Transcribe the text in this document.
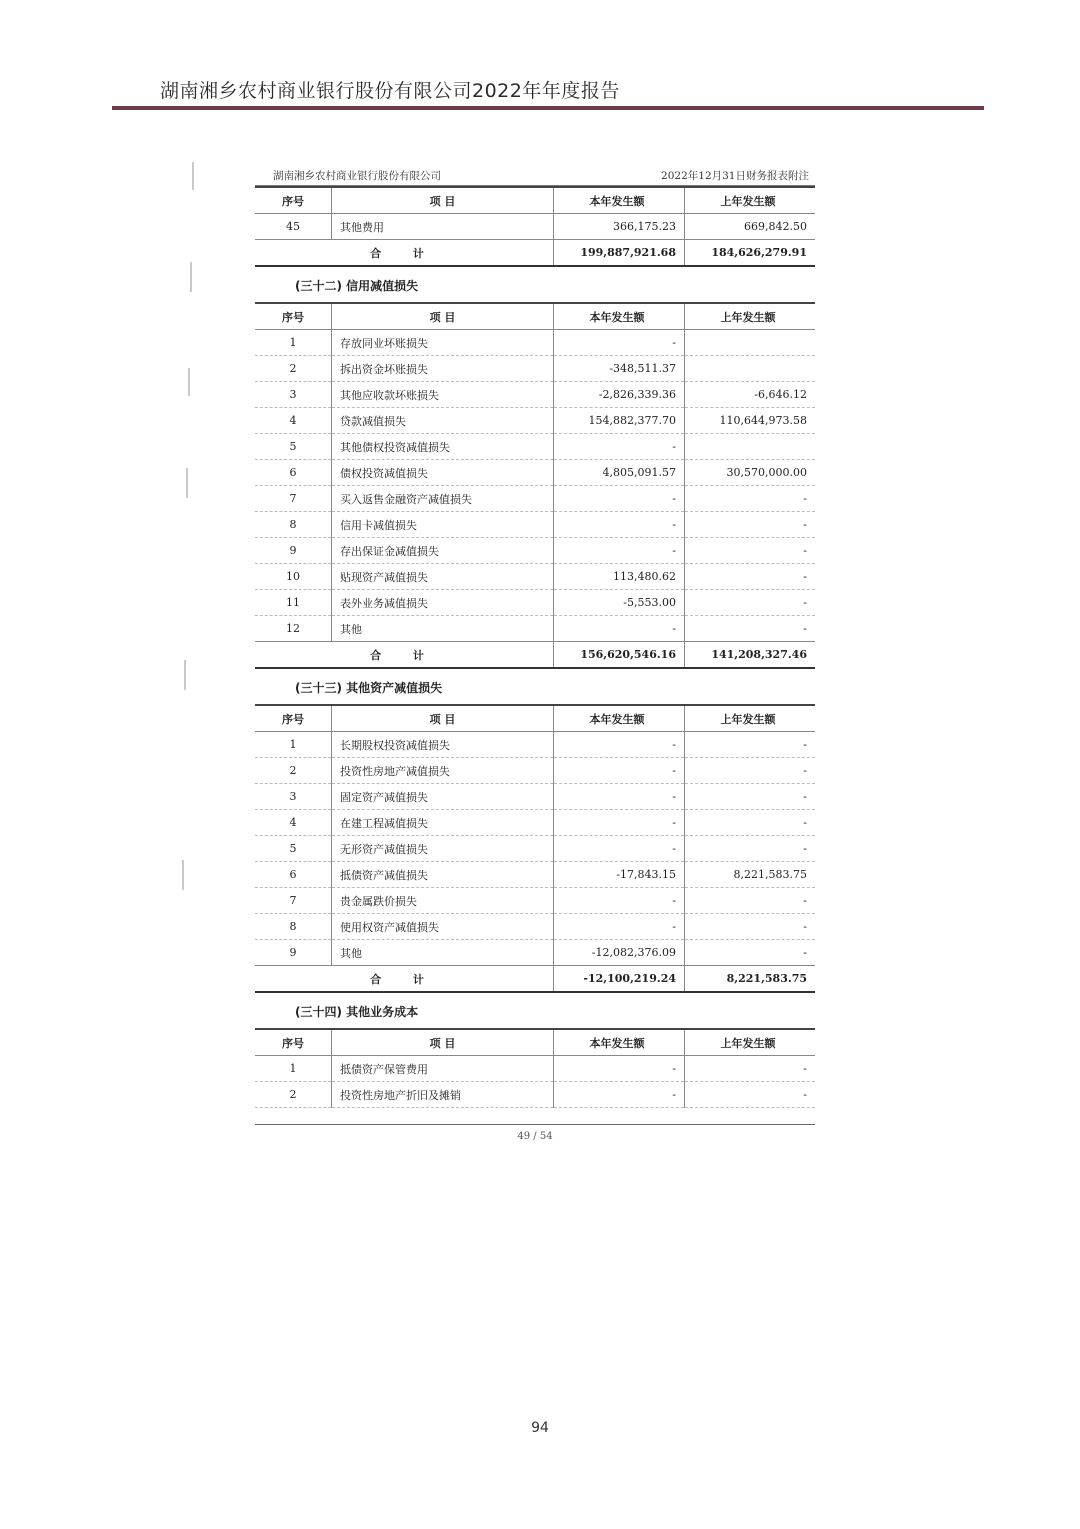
湖南湘乡农村商业银行股份有限公司2022年年度报告
湖南湘乡农村商业银行股份有限公司	2022年12月31日财务报表附注
序号	项 目	本年发生额	上年发生额
45	其他费用	366,175.23	669,842.50
合 计		199,887,921.68	184,626,279.91
(三十二) 信用减值损失
序号	项 目	本年发生额	上年发生额
1	存放同业坏账损失	-	
2	拆出资金坏账损失	-348,511.37	
3	其他应收款坏账损失	-2,826,339.36	-6,646.12
4	贷款减值损失	154,882,377.70	110,644,973.58
5	其他债权投资减值损失	-	
6	债权投资减值损失	4,805,091.57	30,570,000.00
7	买入返售金融资产减值损失	-	-
8	信用卡减值损失	-	-
9	存出保证金减值损失	-	-
10	贴现资产减值损失	113,480.62	-
11	表外业务减值损失	-5,553.00	-
12	其他	-	-
合 计		156,620,546.16	141,208,327.46
(三十三) 其他资产减值损失
序号	项 目	本年发生额	上年发生额
1	长期股权投资减值损失	-	-
2	投资性房地产减值损失	-	-
3	固定资产减值损失	-	-
4	在建工程减值损失	-	-
5	无形资产减值损失	-	-
6	抵债资产减值损失	-17,843.15	8,221,583.75
7	贵金属跌价损失	-	-
8	使用权资产减值损失	-	-
9	其他	-12,082,376.09	-
合 计		-12,100,219.24	8,221,583.75
(三十四) 其他业务成本
序号	项 目	本年发生额	上年发生额
1	抵债资产保管费用	-	-
2	投资性房地产折旧及摊销	-	-
49 / 54
94
